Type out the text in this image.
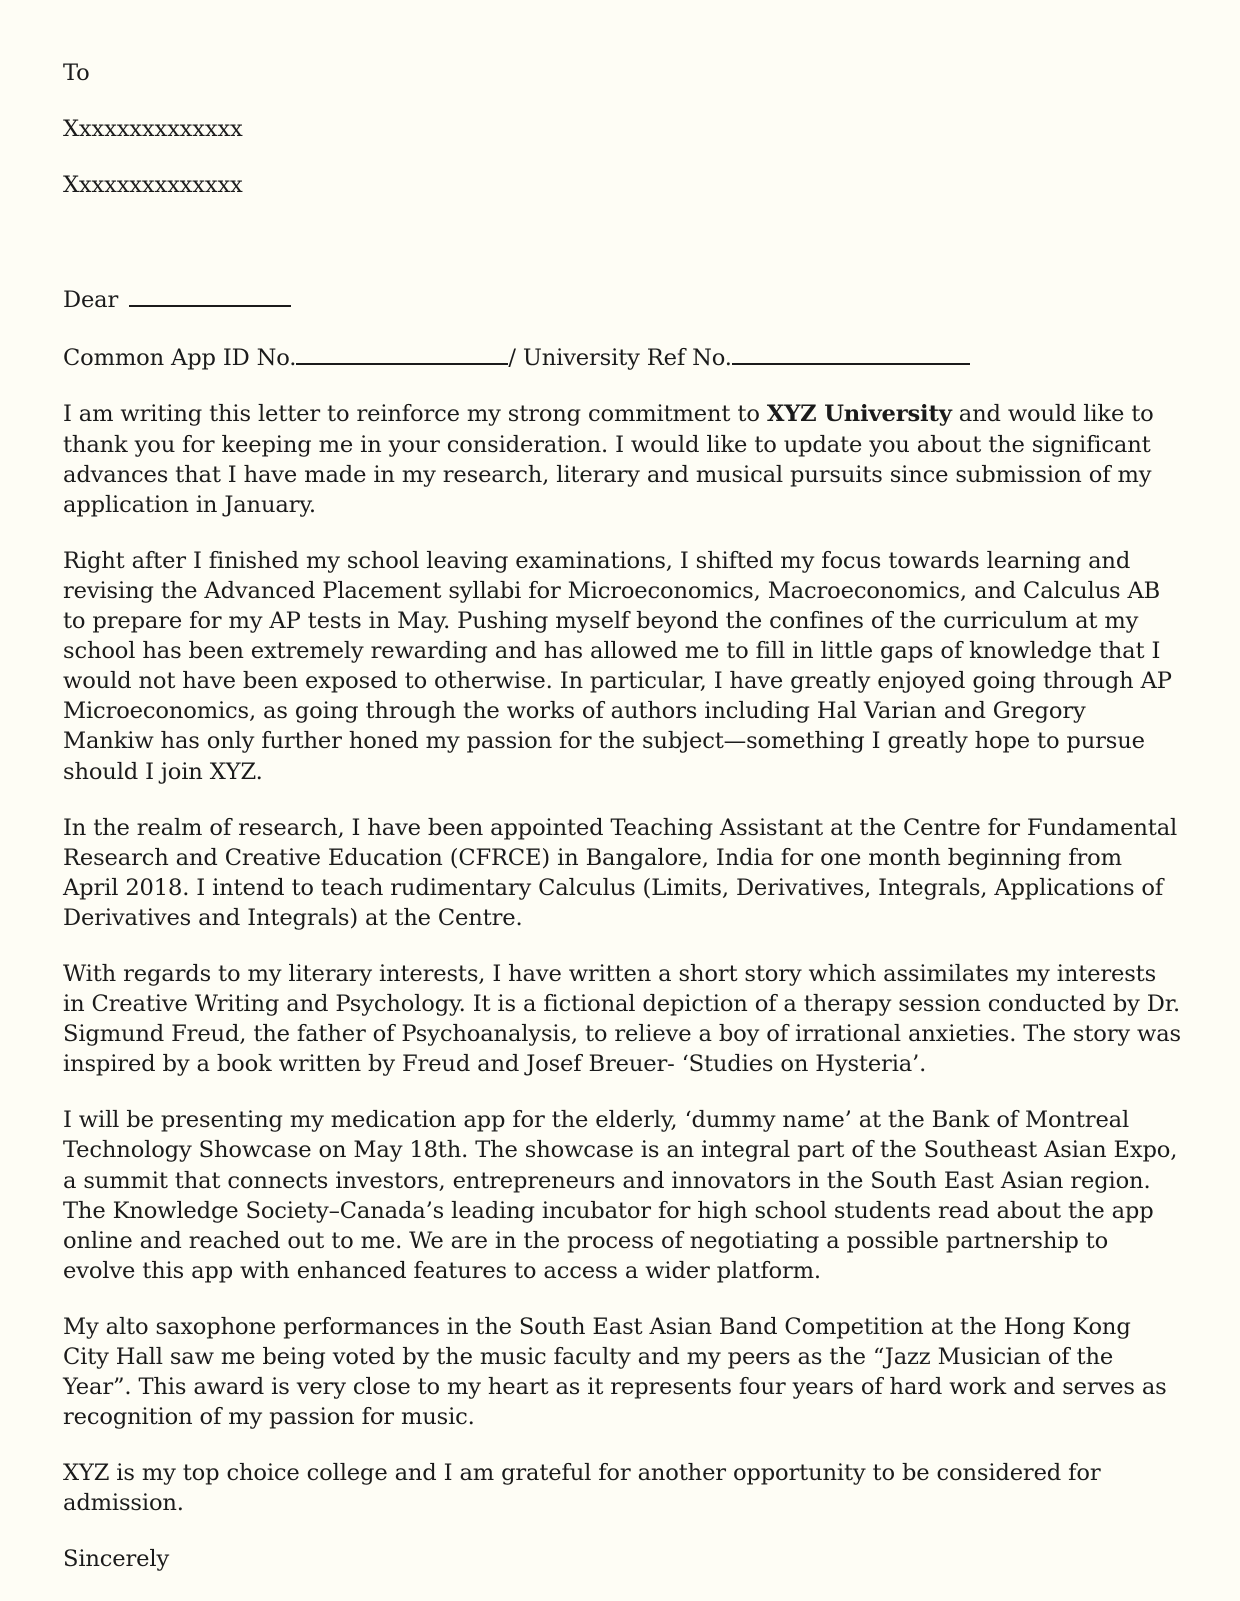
To
Xxxxxxxxxxxxxx
Xxxxxxxxxxxxxx
Dear
Common App ID No.	/ University Ref No.

I am writing this letter to reinforce my strong commitment to XYZ University and would like to thank you for keeping me in your consideration. I would like to update you about the significant advances that I have made in my research, literary and musical pursuits since submission of my application in January.

Right after I finished my school leaving examinations, I shifted my focus towards learning and revising the Advanced Placement syllabi for Microeconomics, Macroeconomics, and Calculus AB to prepare for my AP tests in May. Pushing myself beyond the confines of the curriculum at my school has been extremely rewarding and has allowed me to fill in little gaps of knowledge that I would not have been exposed to otherwise. In particular, I have greatly enjoyed going through AP Microeconomics, as going through the works of authors including Hal Varian and Gregory Mankiw has only further honed my passion for the subject—something I greatly hope to pursue should I join XYZ.

In the realm of research, I have been appointed Teaching Assistant at the Centre for Fundamental Research and Creative Education (CFRCE) in Bangalore, India for one month beginning from April 2018. I intend to teach rudimentary Calculus (Limits, Derivatives, Integrals, Applications of Derivatives and Integrals) at the Centre.

With regards to my literary interests, I have written a short story which assimilates my interests in Creative Writing and Psychology. It is a fictional depiction of a therapy session conducted by Dr. Sigmund Freud, the father of Psychoanalysis, to relieve a boy of irrational anxieties. The story was inspired by a book written by Freud and Josef Breuer- ‘Studies on Hysteria’.

I will be presenting my medication app for the elderly, ‘dummy name’ at the Bank of Montreal Technology Showcase on May 18th. The showcase is an integral part of the Southeast Asian Expo, a summit that connects investors, entrepreneurs and innovators in the South East Asian region. The Knowledge Society–Canada’s leading incubator for high school students read about the app online and reached out to me. We are in the process of negotiating a possible partnership to evolve this app with enhanced features to access a wider platform.

My alto saxophone performances in the South East Asian Band Competition at the Hong Kong City Hall saw me being voted by the music faculty and my peers as the “Jazz Musician of the Year”. This award is very close to my heart as it represents four years of hard work and serves as recognition of my passion for music.

XYZ is my top choice college and I am grateful for another opportunity to be considered for admission.

Sincerely
